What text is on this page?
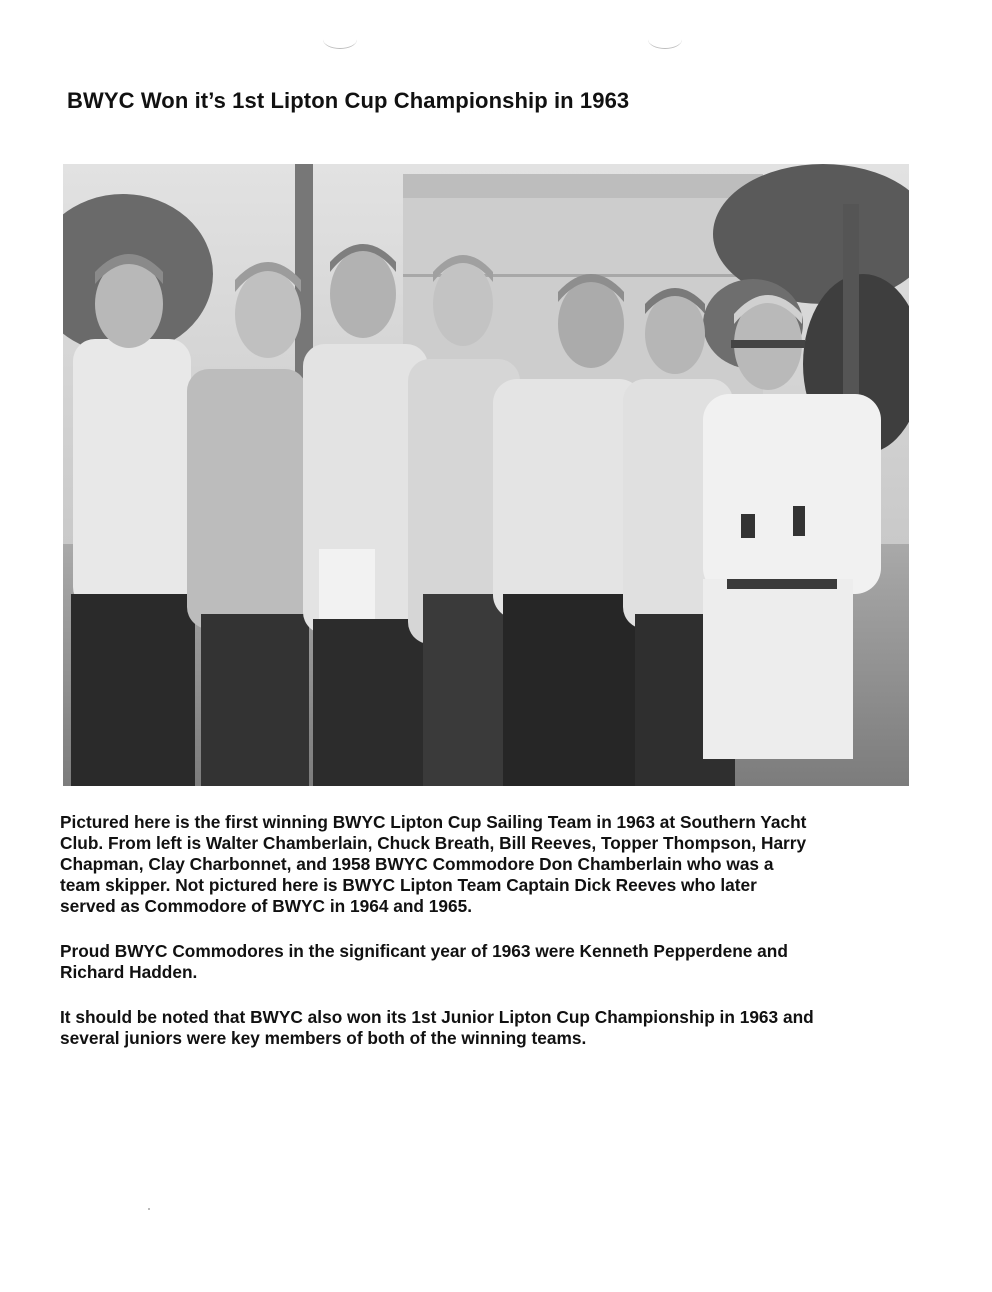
BWYC Won it’s 1st Lipton Cup Championship in 1963

Pictured here is the first winning BWYC Lipton Cup Sailing Team in 1963 at Southern Yacht
Club. From left is Walter Chamberlain, Chuck Breath, Bill Reeves, Topper Thompson, Harry
Chapman, Clay Charbonnet, and 1958 BWYC Commodore Don Chamberlain who was a
team skipper. Not pictured here is BWYC Lipton Team Captain Dick Reeves who later
served as Commodore of BWYC in 1964 and 1965.

Proud BWYC Commodores in the significant year of 1963 were Kenneth Pepperdene and
Richard Hadden.

It should be noted that BWYC also won its 1st Junior Lipton Cup Championship in 1963 and
several juniors were key members of both of the winning teams.
